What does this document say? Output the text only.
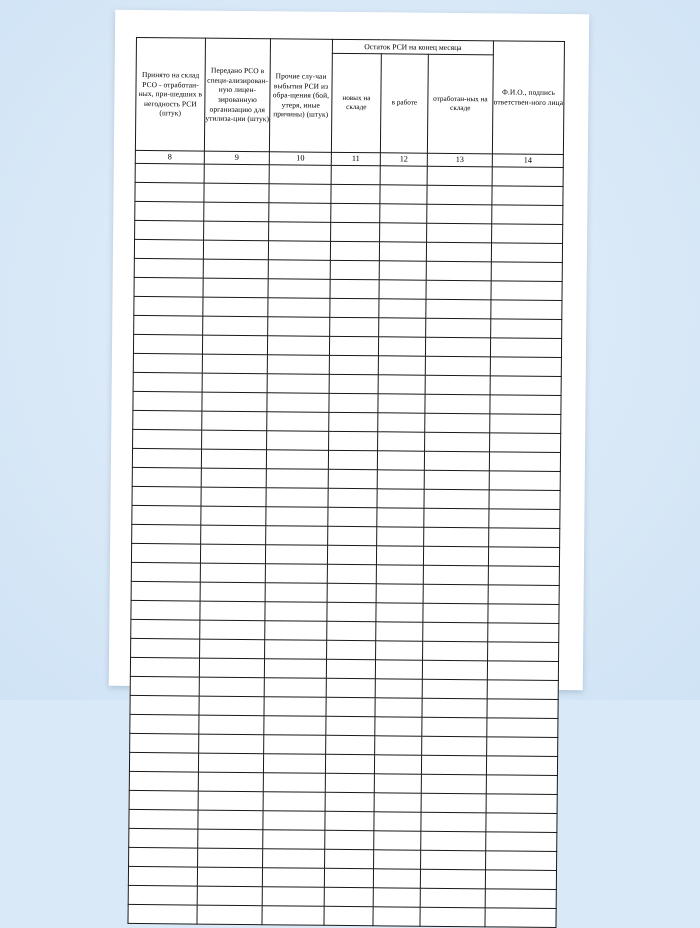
Принято на склад РСО - отработан-ных, при-шедших в негодность РСИ (штук)	Передано РСО в специ-ализирован-ную лицен-зированную организацию для утилиза-ции (штук)	Прочие слу-чаи выбытия РСИ из обра-щения (бой, утеря, иные причины) (штук)	Остаток РСИ на конец месяца			Ф.И.О., подпись ответствен-ного лица
			новых на складе	в работе	отработан-ных на складе	
8	9	10	11	12	13	14
